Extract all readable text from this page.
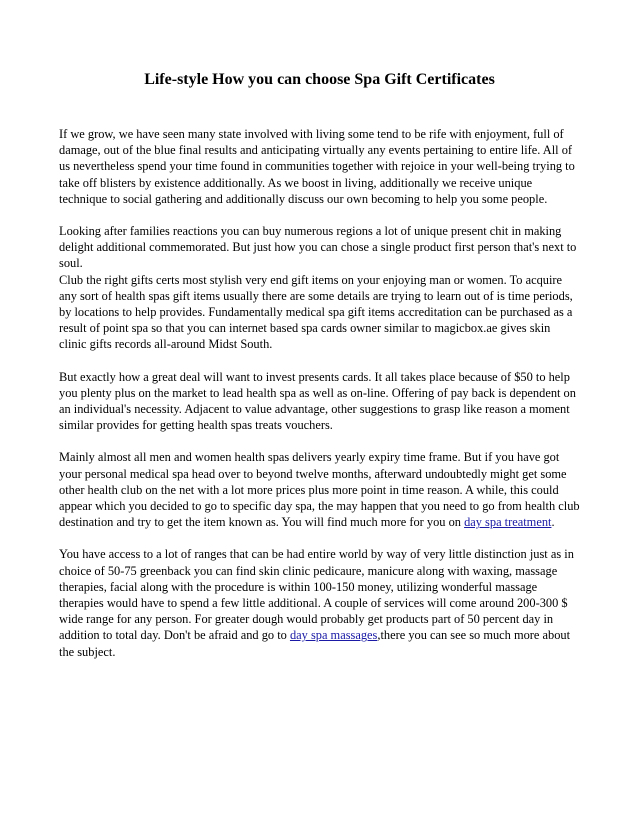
Life-style How you can choose Spa Gift Certificates

If we grow, we have seen many state involved with living some tend to be rife with enjoyment, full of damage, out of the blue final results and anticipating virtually any events pertaining to entire life. All of us nevertheless spend your time found in communities together with rejoice in your well-being trying to take off blisters by existence additionally. As we boost in living, additionally we receive unique technique to social gathering and additionally discuss our own becoming to help you some people.

Looking after families reactions you can buy numerous regions a lot of unique present chit in making delight additional commemorated. But just how you can chose a single product first person that's next to soul.
Club the right gifts certs most stylish very end gift items on your enjoying man or women. To acquire any sort of health spas gift items usually there are some details are trying to learn out of is time periods, by locations to help provides. Fundamentally medical spa gift items accreditation can be purchased as a result of point spa so that you can internet based spa cards owner similar to magicbox.ae gives skin clinic gifts records all-around Midst South.

But exactly how a great deal will want to invest presents cards. It all takes place because of $50 to help you plenty plus on the market to lead health spa as well as on-line. Offering of pay back is dependent on an individual's necessity. Adjacent to value advantage, other suggestions to grasp like reason a moment similar provides for getting health spas treats vouchers.

Mainly almost all men and women health spas delivers yearly expiry time frame. But if you have got your personal medical spa head over to beyond twelve months, afterward undoubtedly might get some other health club on the net with a lot more prices plus more point in time reason. A while, this could appear which you decided to go to specific day spa, the may happen that you need to go from health club destination and try to get the item known as. You will find much more for you on day spa treatment.

You have access to a lot of ranges that can be had entire world by way of very little distinction just as in choice of 50-75 greenback you can find skin clinic pedicaure, manicure along with waxing, massage therapies, facial along with the procedure is within 100-150 money, utilizing wonderful massage therapies would have to spend a few little additional. A couple of services will come around 200-300 $ wide range for any person. For greater dough would probably get products part of 50 percent day in addition to total day. Don't be afraid and go to day spa massages,there you can see so much more about the subject.
